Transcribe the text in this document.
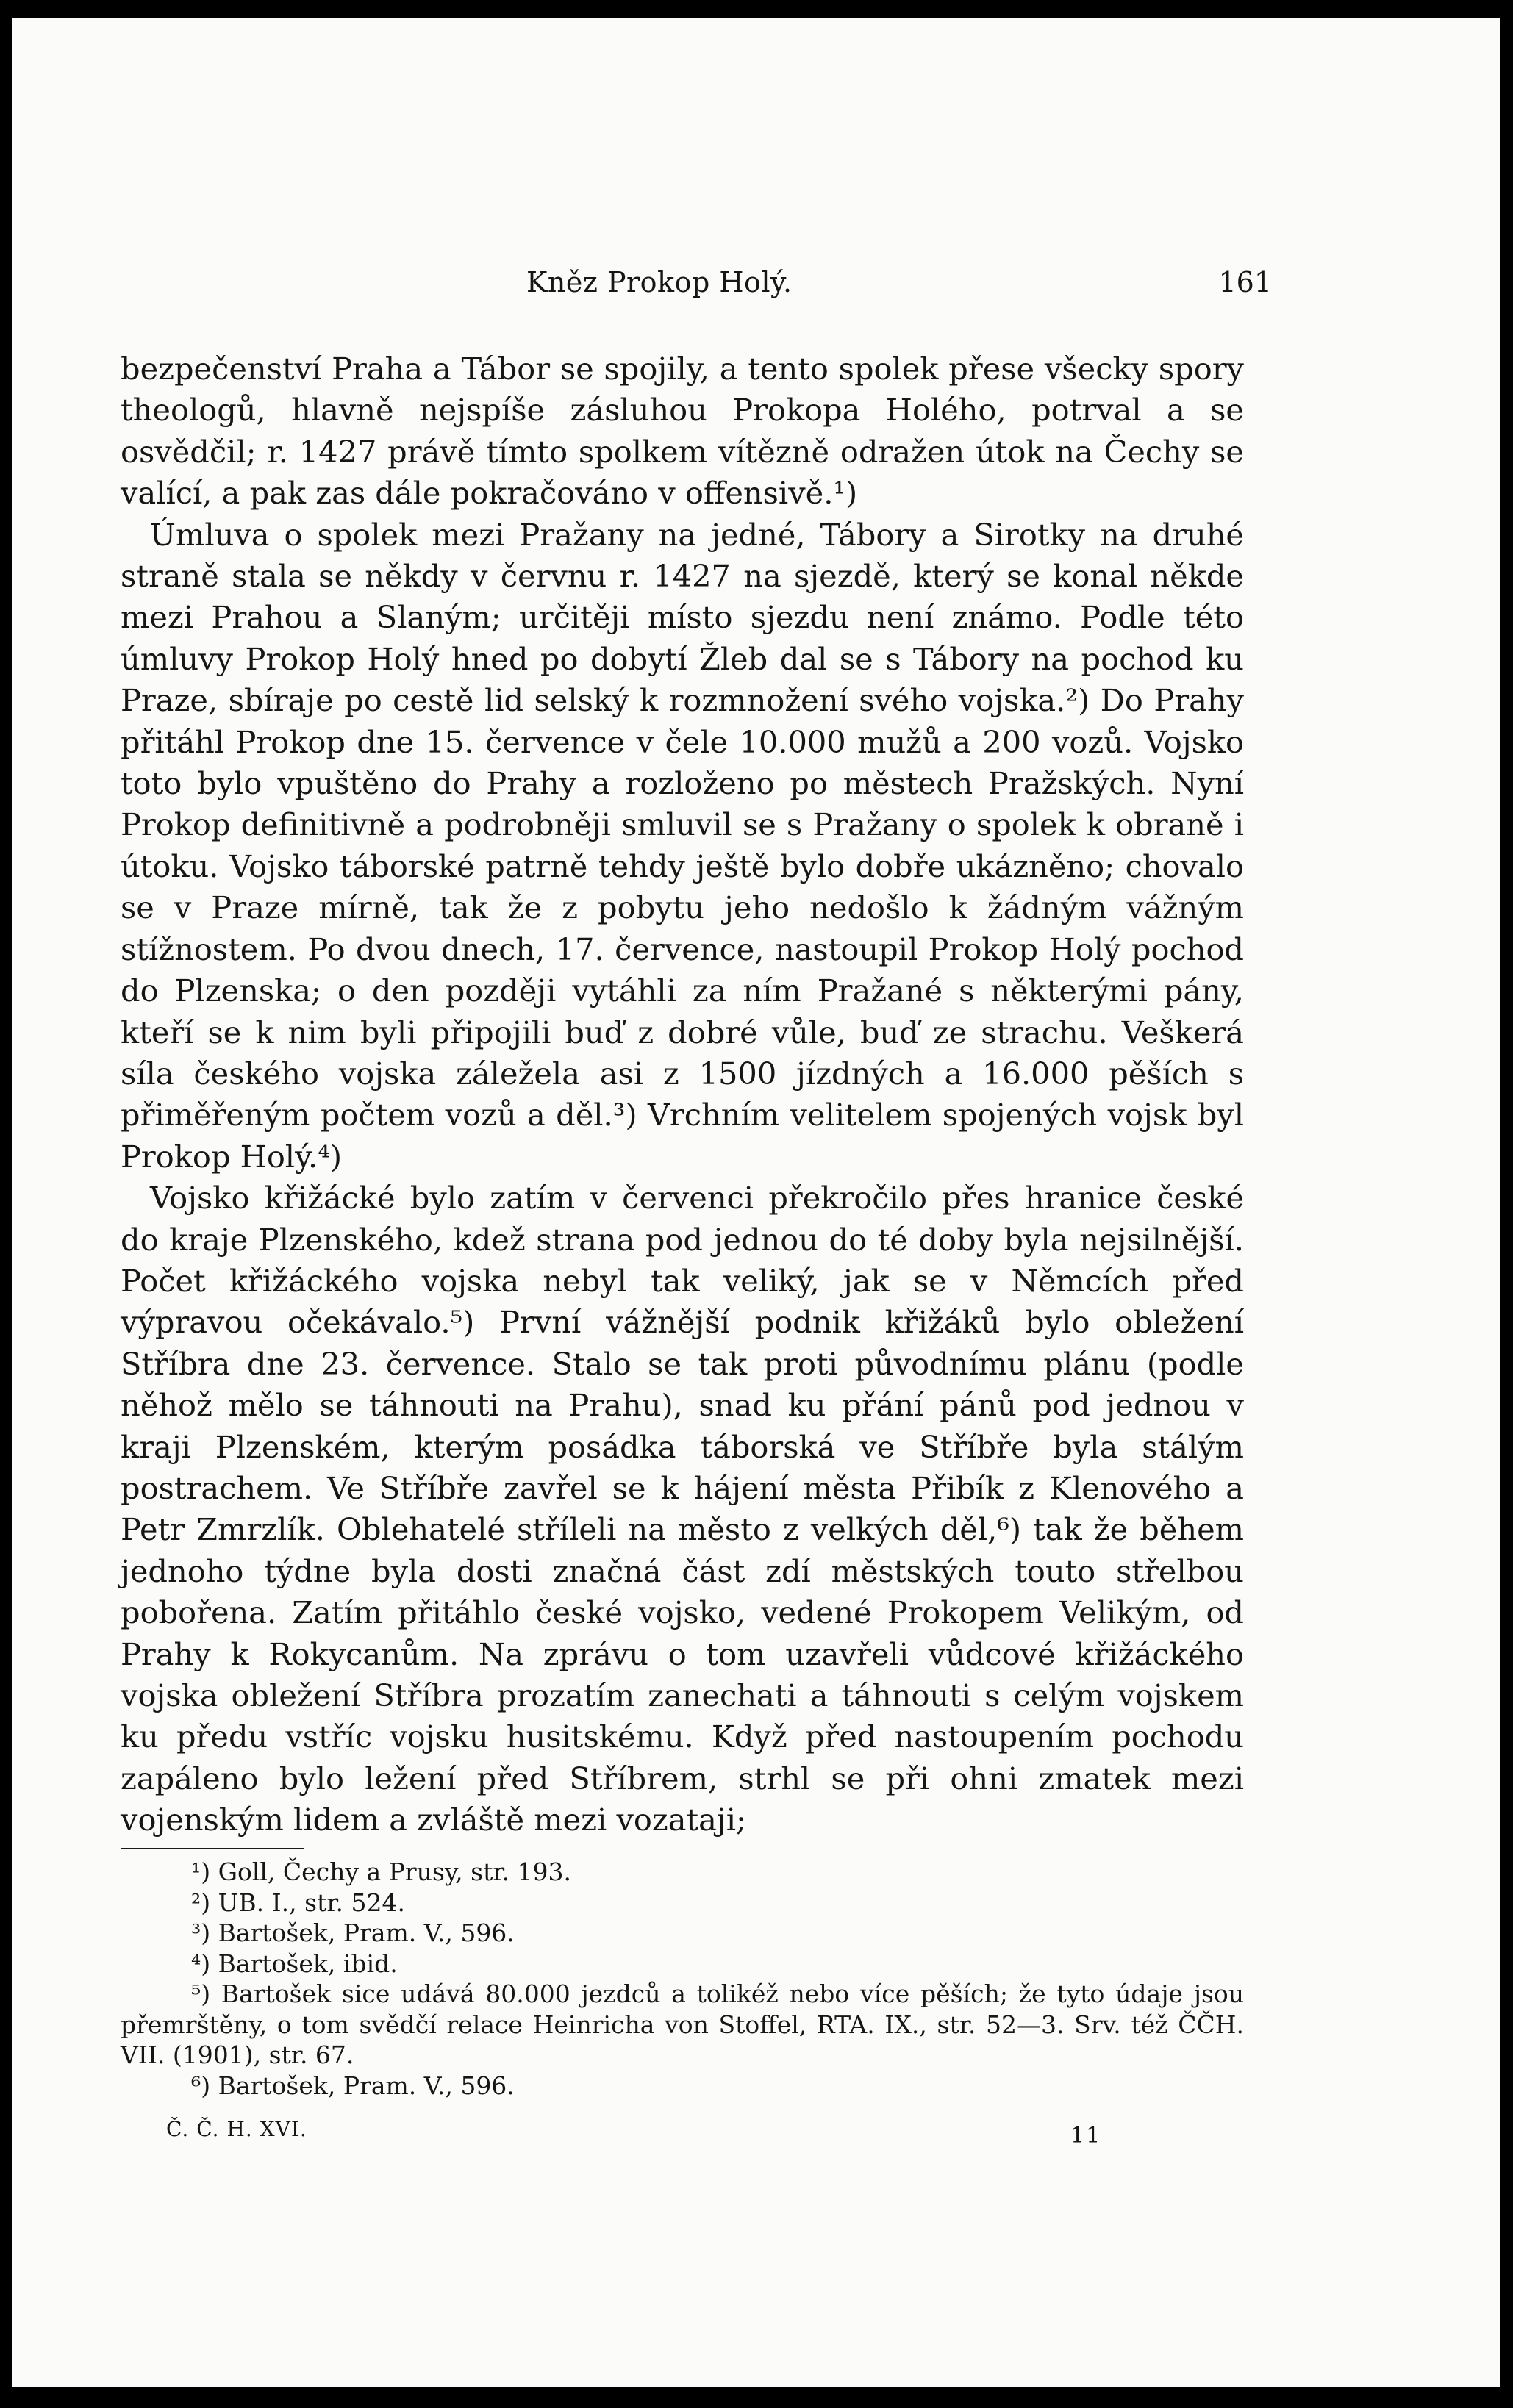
Kněz Prokop Holý.	161

bezpečenství Praha a Tábor se spojily, a tento spolek přese všecky spory theologů, hlavně nejspíše zásluhou Prokopa Holého, potrval a se osvědčil; r. 1427 právě tímto spolkem vítězně odražen útok na Čechy se valící, a pak zas dále pokračováno v offensivě.¹)

Úmluva o spolek mezi Pražany na jedné, Tábory a Sirotky na druhé straně stala se někdy v červnu r. 1427 na sjezdě, který se konal někde mezi Prahou a Slaným; určitěji místo sjezdu není známo. Podle této úmluvy Prokop Holý hned po dobytí Žleb dal se s Tábory na pochod ku Praze, sbíraje po cestě lid selský k rozmnožení svého vojska.²) Do Prahy přitáhl Prokop dne 15. července v čele 10.000 mužů a 200 vozů. Vojsko toto bylo vpuštěno do Prahy a rozloženo po městech Pražských. Nyní Prokop definitivně a podrobněji smluvil se s Pražany o spolek k obraně i útoku. Vojsko táborské patrně tehdy ještě bylo dobře ukázněno; chovalo se v Praze mírně, tak že z pobytu jeho nedošlo k žádným vážným stížnostem. Po dvou dnech, 17. července, nastoupil Prokop Holý pochod do Plzenska; o den později vytáhli za ním Pražané s některými pány, kteří se k nim byli připojili buď z dobré vůle, buď ze strachu. Veškerá síla českého vojska záležela asi z 1500 jízdných a 16.000 pěších s přiměřeným počtem vozů a děl.³) Vrchním velitelem spojených vojsk byl Prokop Holý.⁴)

Vojsko křižácké bylo zatím v červenci překročilo přes hranice české do kraje Plzenského, kdež strana pod jednou do té doby byla nejsilnější. Počet křižáckého vojska nebyl tak veliký, jak se v Němcích před výpravou očekávalo.⁵) První vážnější podnik křižáků bylo obležení Stříbra dne 23. července. Stalo se tak proti původnímu plánu (podle něhož mělo se táhnouti na Prahu), snad ku přání pánů pod jednou v kraji Plzenském, kterým posádka táborská ve Stříbře byla stálým postrachem. Ve Stříbře zavřel se k hájení města Přibík z Klenového a Petr Zmrzlík. Oblehatelé stříleli na město z velkých děl,⁶) tak že během jednoho týdne byla dosti značná část zdí městských touto střelbou pobořena. Zatím přitáhlo české vojsko, vedené Prokopem Velikým, od Prahy k Rokycanům. Na zprávu o tom uzavřeli vůdcové křižáckého vojska obležení Stříbra prozatím zanechati a táhnouti s celým vojskem ku předu vstříc vojsku husitskému. Když před nastoupením pochodu zapáleno bylo ležení před Stříbrem, strhl se při ohni zmatek mezi vojenským lidem a zvláště mezi vozataji;

¹) Goll, Čechy a Prusy, str. 193.

²) UB. I., str. 524.

³) Bartošek, Pram. V., 596.

⁴) Bartošek, ibid.

⁵) Bartošek sice udává 80.000 jezdců a tolikéž nebo více pěších; že tyto údaje jsou přemrštěny, o tom svědčí relace Heinricha von Stoffel, RTA. IX., str. 52—3. Srv. též ČČH. VII. (1901), str. 67.

⁶) Bartošek, Pram. V., 596.

Č. Č. H. XVI.	11
